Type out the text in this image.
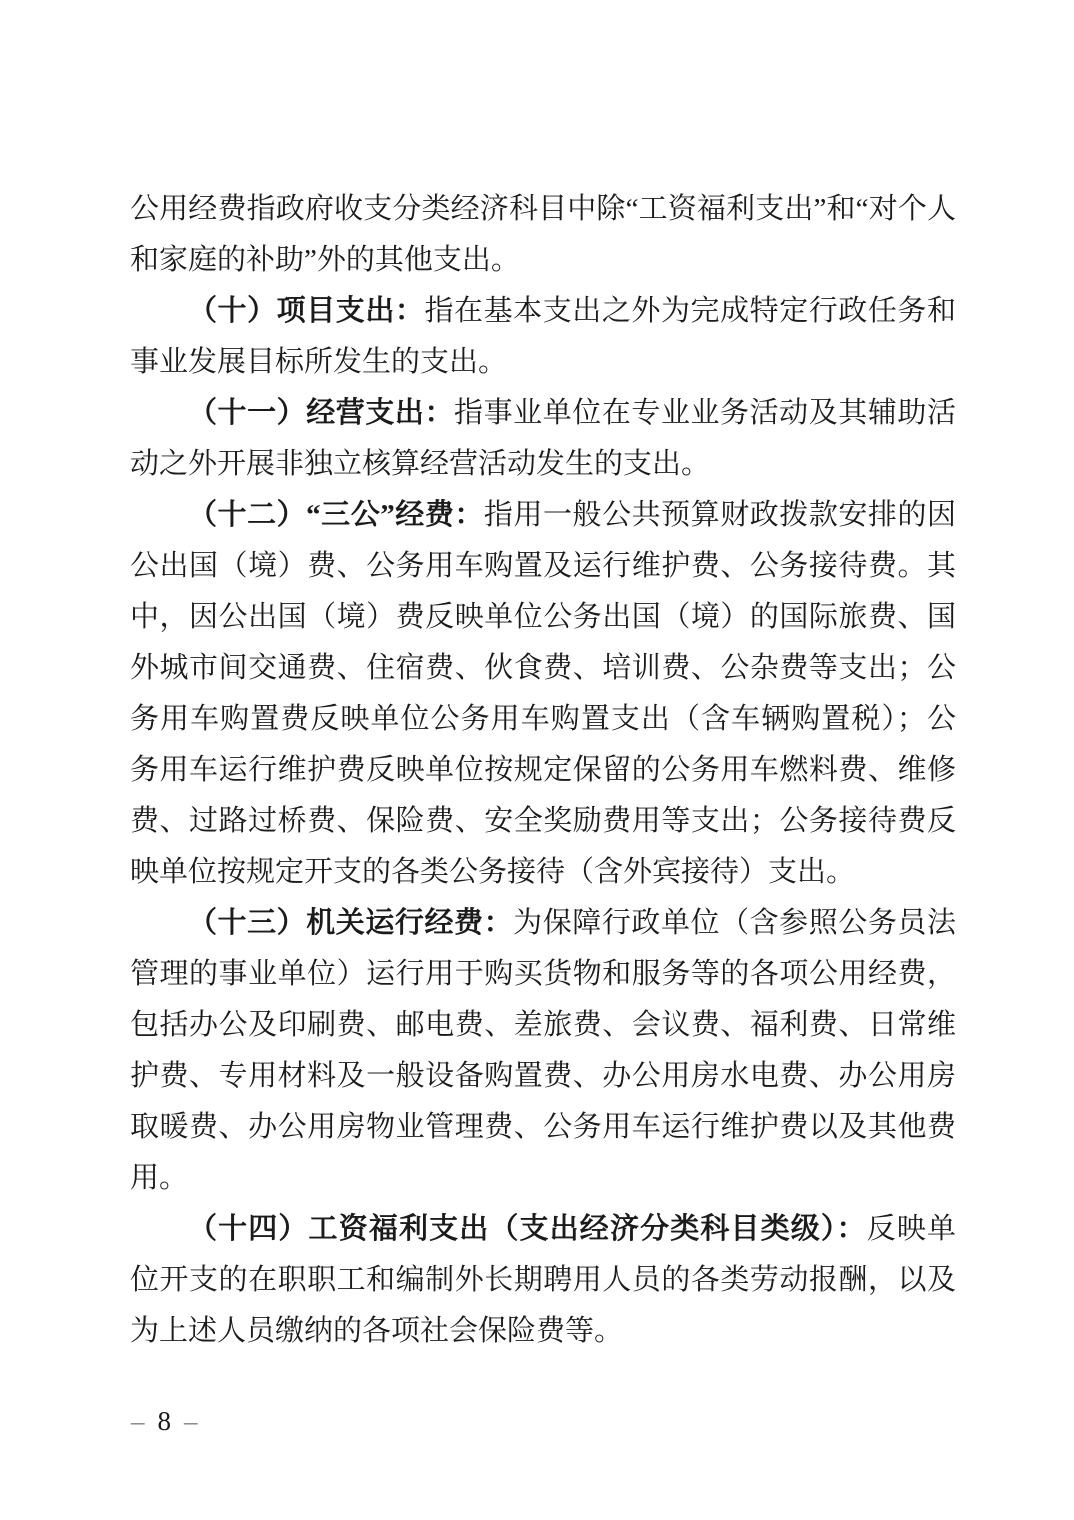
公用经费指政府收支分类经济科目中除“工资福利支出”和“对个人和家庭的补助”外的其他支出。

（十）项目支出：指在基本支出之外为完成特定行政任务和事业发展目标所发生的支出。

（十一）经营支出：指事业单位在专业业务活动及其辅助活动之外开展非独立核算经营活动发生的支出。

（十二）“三公”经费：指用一般公共预算财政拨款安排的因公出国（境）费、公务用车购置及运行维护费、公务接待费。其中，因公出国（境）费反映单位公务出国（境）的国际旅费、国外城市间交通费、住宿费、伙食费、培训费、公杂费等支出；公务用车购置费反映单位公务用车购置支出（含车辆购置税）；公务用车运行维护费反映单位按规定保留的公务用车燃料费、维修费、过路过桥费、保险费、安全奖励费用等支出；公务接待费反映单位按规定开支的各类公务接待（含外宾接待）支出。

（十三）机关运行经费：为保障行政单位（含参照公务员法管理的事业单位）运行用于购买货物和服务等的各项公用经费，包括办公及印刷费、邮电费、差旅费、会议费、福利费、日常维护费、专用材料及一般设备购置费、办公用房水电费、办公用房取暖费、办公用房物业管理费、公务用车运行维护费以及其他费用。

（十四）工资福利支出（支出经济分类科目类级）：反映单位开支的在职职工和编制外长期聘用人员的各类劳动报酬，以及为上述人员缴纳的各项社会保险费等。

– 8 –
